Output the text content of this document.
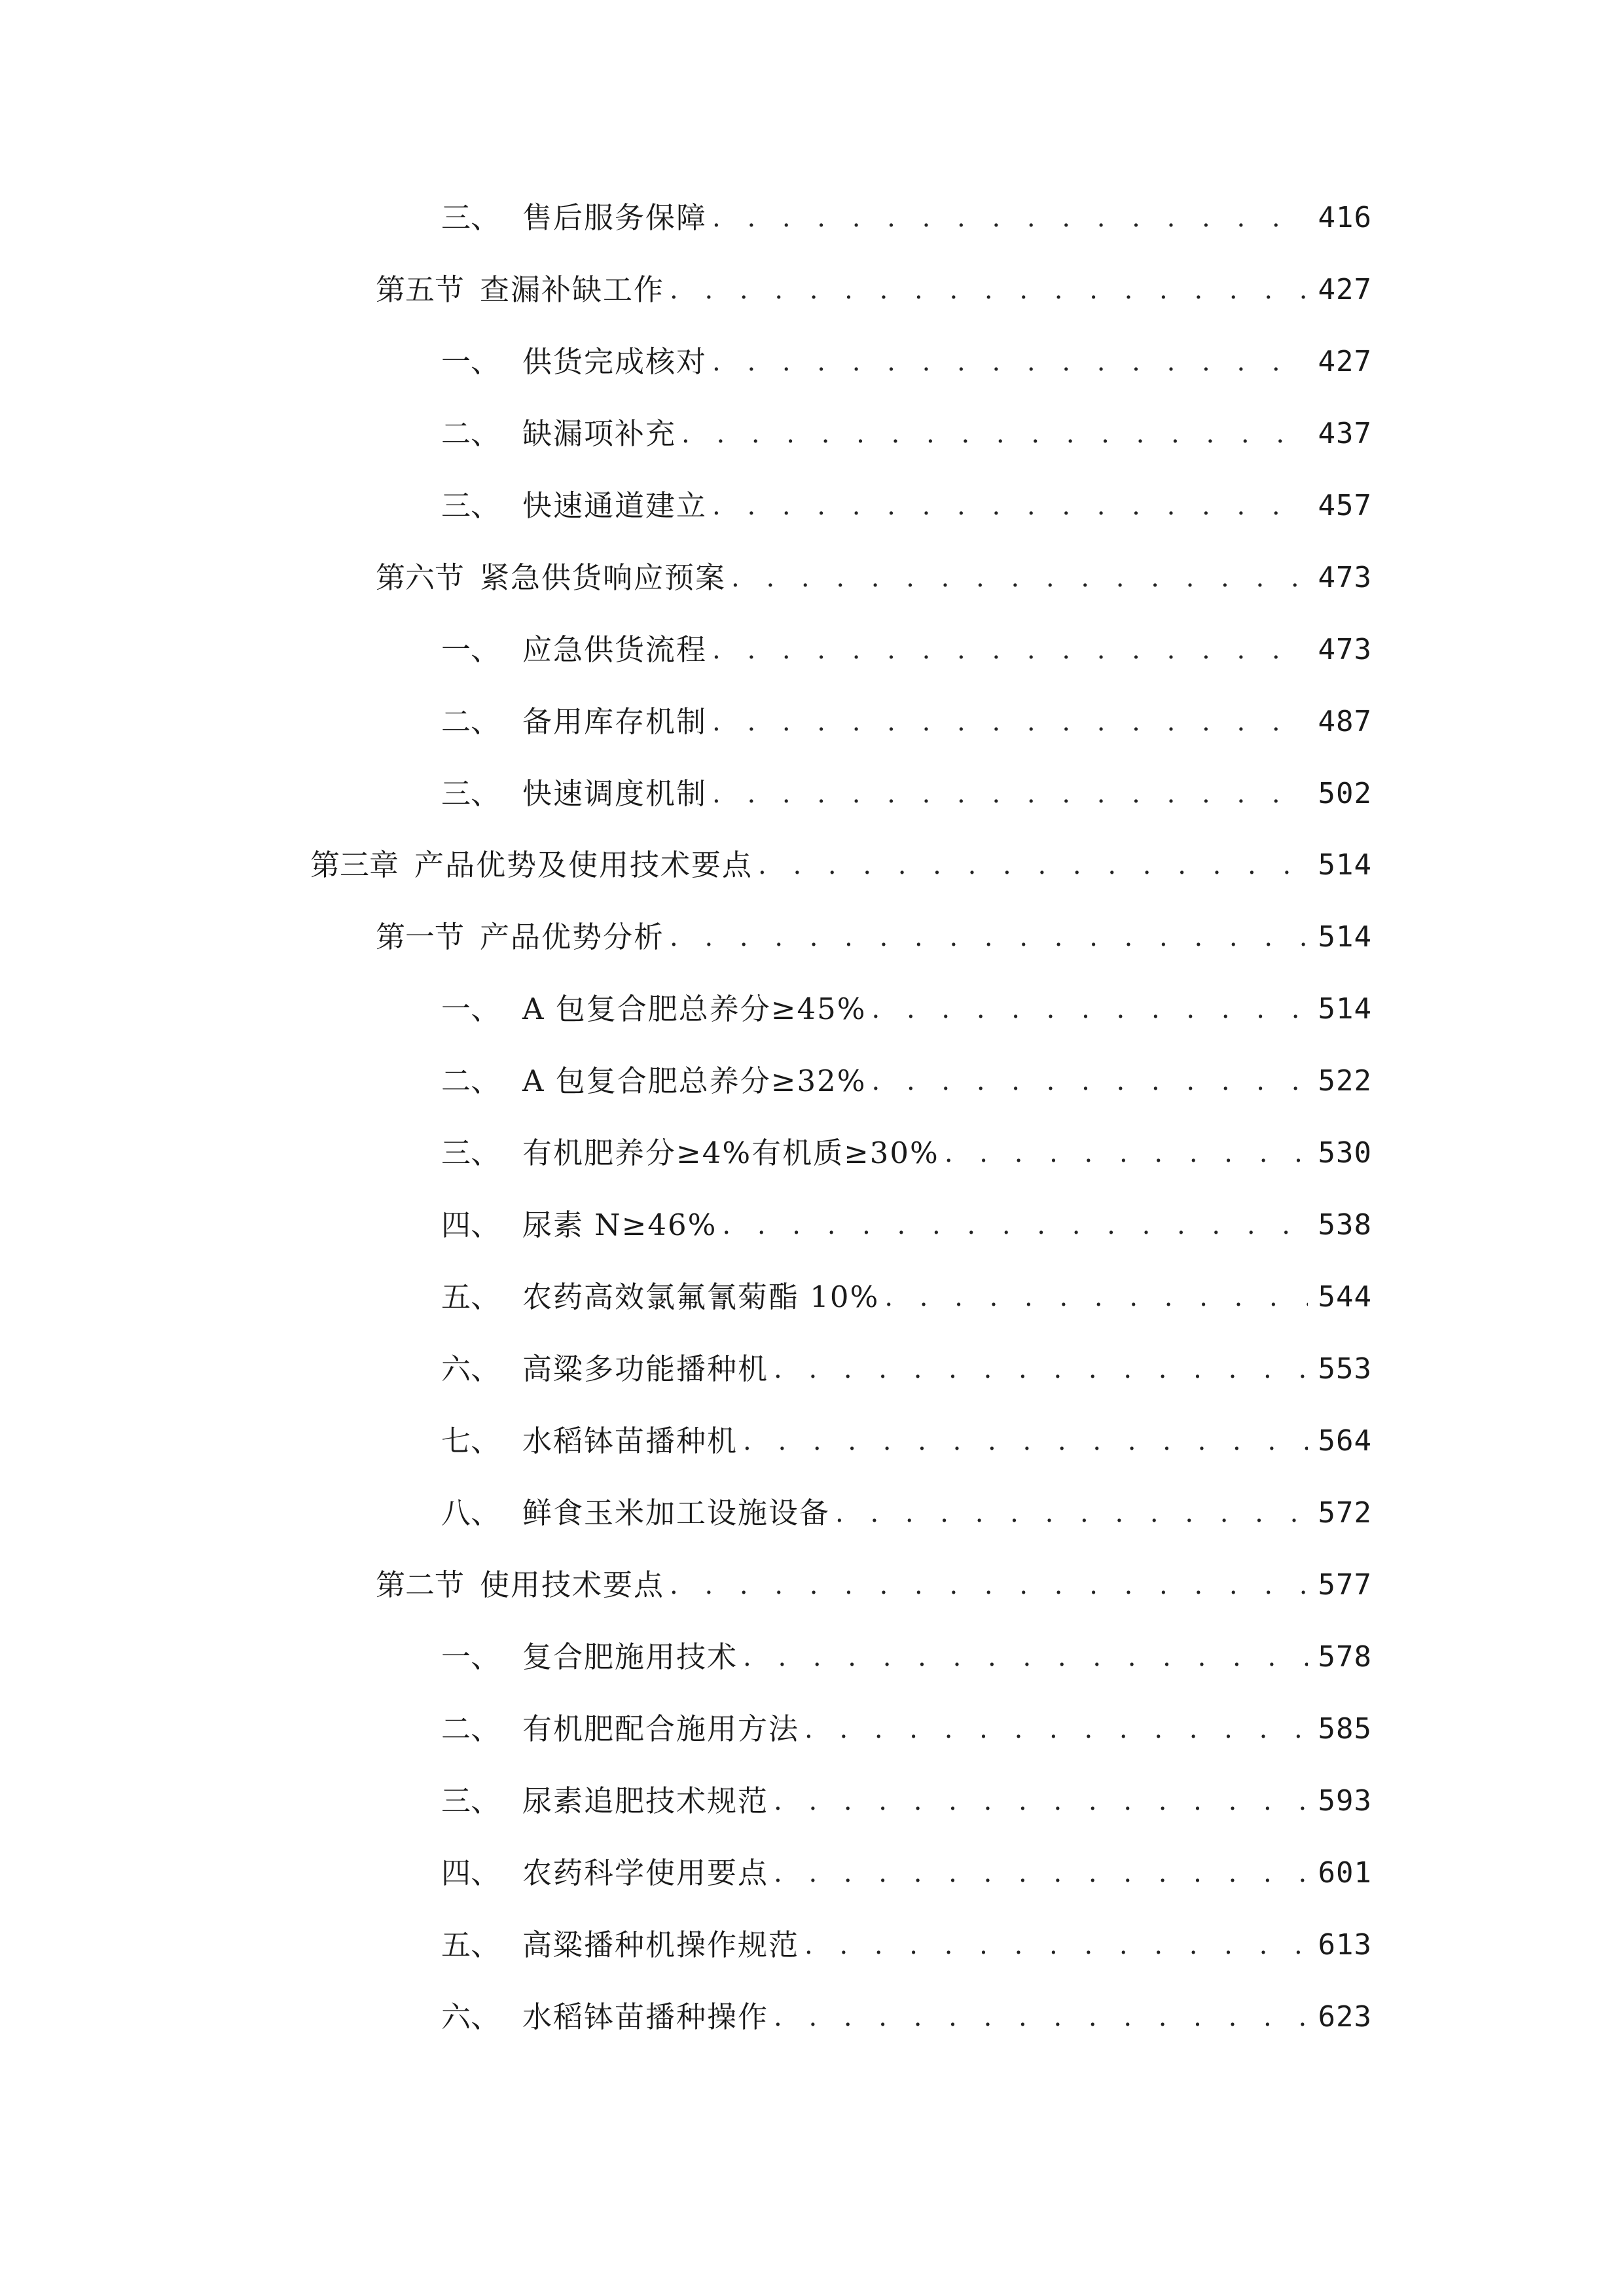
三、 售后服务保障 . . .	416
第五节 查漏补缺工作 . . .	427
一、 供货完成核对 . . .	427
二、 缺漏项补充 . . .	437
三、 快速通道建立 . . .	457
第六节 紧急供货响应预案 . . .	473
一、 应急供货流程 . . .	473
二、 备用库存机制 . . .	487
三、 快速调度机制 . . .	502
第三章 产品优势及使用技术要点 . . .	514
第一节 产品优势分析 . . .	514
一、 A 包复合肥总养分≥45% . . .	514
二、 A 包复合肥总养分≥32% . . .	522
三、 有机肥养分≥4%有机质≥30% . . .	530
四、 尿素 N≥46% . . .	538
五、 农药高效氯氟氰菊酯 10% . . .	544
六、 高粱多功能播种机 . . .	553
七、 水稻钵苗播种机 . . .	564
八、 鲜食玉米加工设施设备 . . .	572
第二节 使用技术要点 . . .	577
一、 复合肥施用技术 . . .	578
二、 有机肥配合施用方法 . . .	585
三、 尿素追肥技术规范 . . .	593
四、 农药科学使用要点 . . .	601
五、 高粱播种机操作规范 . . .	613
六、 水稻钵苗播种操作 . . .	623
